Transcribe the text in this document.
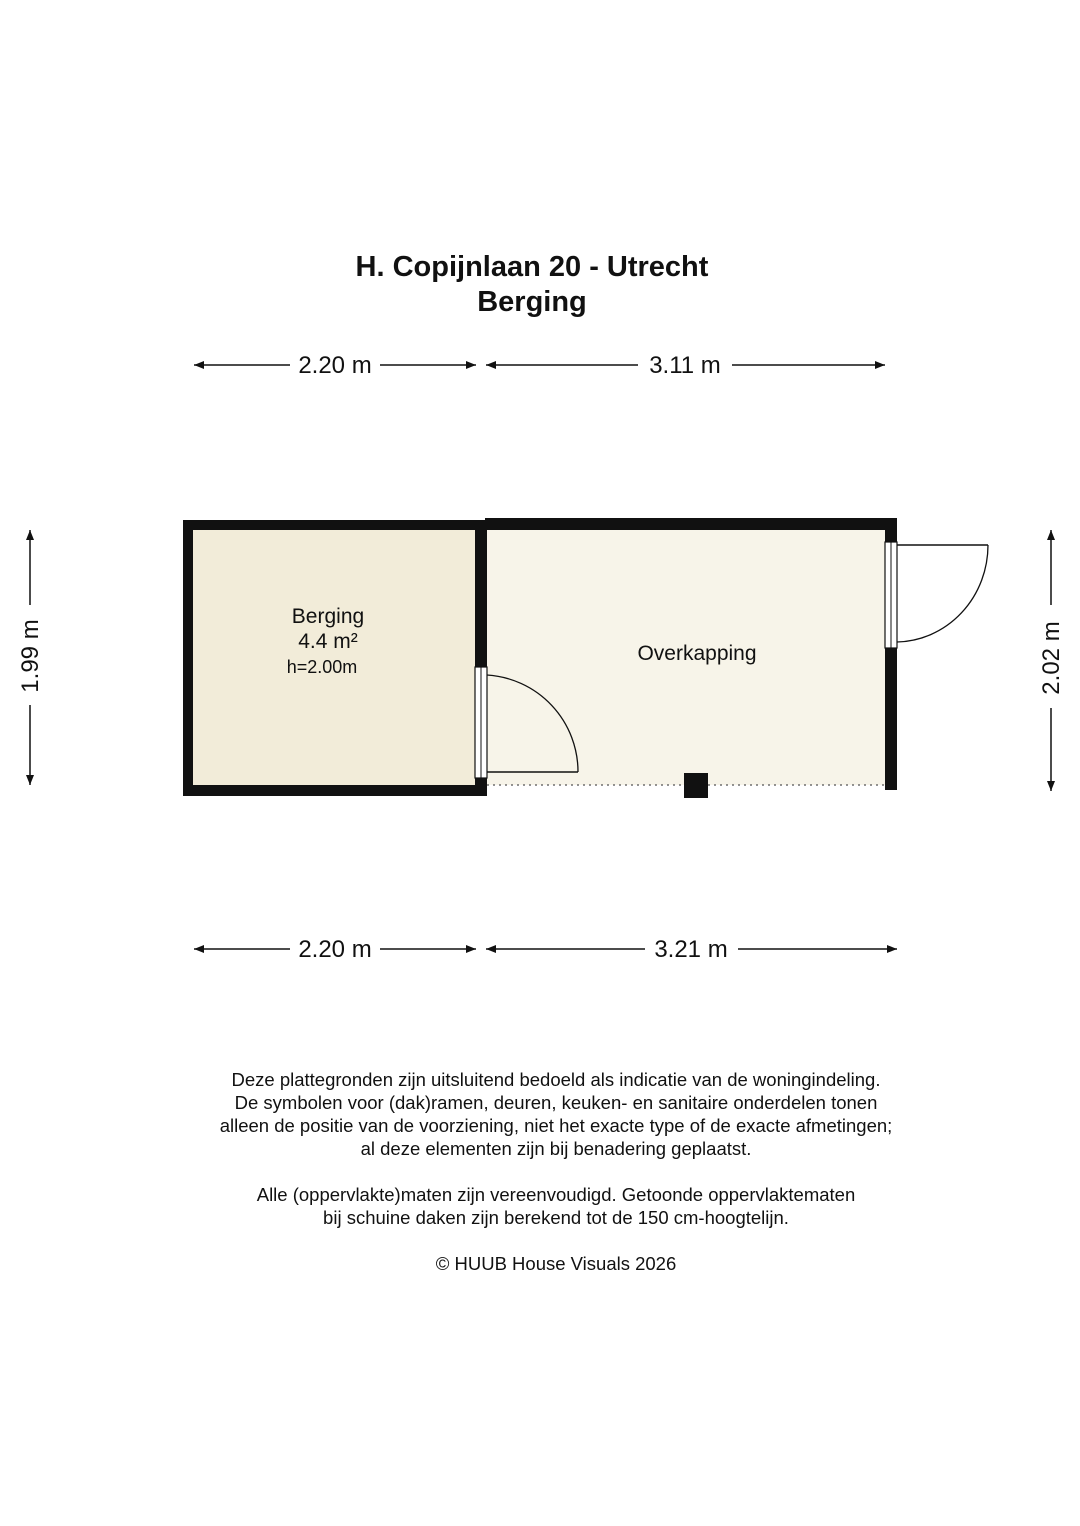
H. Copijnlaan 20 - Utrecht
Berging
2.20 m	3.11 m
1.99 m	2.02 m
Berging
4.4 m²
h=2.00m
Overkapping
2.20 m	3.21 m
Deze plattegronden zijn uitsluitend bedoeld als indicatie van de woningindeling.
De symbolen voor (dak)ramen, deuren, keuken- en sanitaire onderdelen tonen
alleen de positie van de voorziening, niet het exacte type of de exacte afmetingen;
al deze elementen zijn bij benadering geplaatst.
Alle (oppervlakte)maten zijn vereenvoudigd. Getoonde oppervlaktematen
bij schuine daken zijn berekend tot de 150 cm-hoogtelijn.
© HUUB House Visuals 2026
